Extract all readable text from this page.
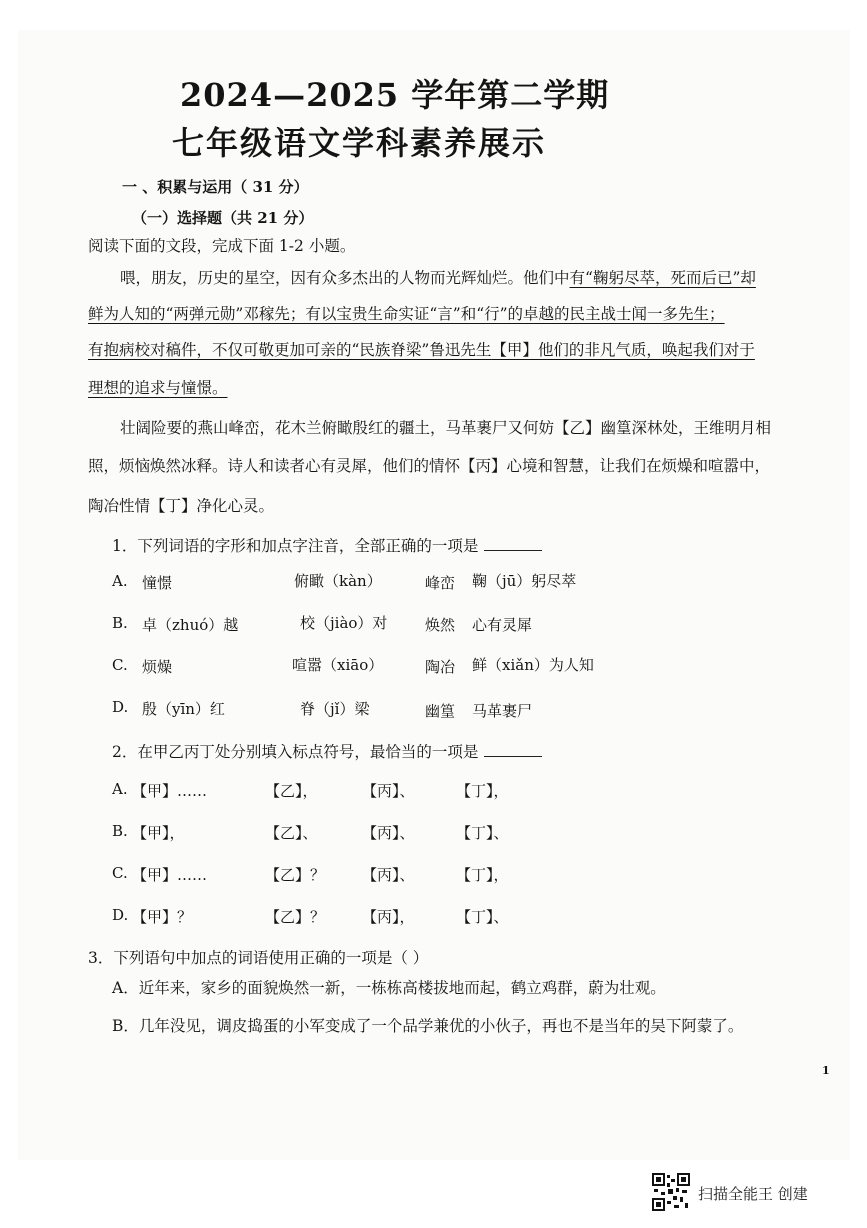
2024—2025 学年第二学期
七年级语文学科素养展示
一 、积累与运用（ 31 分）
（一）选择题（共 21 分）
阅读下面的文段，完成下面 1-2 小题。
喂，朋友，历史的星空，因有众多杰出的人物而光辉灿烂。他们中有“鞠躬尽萃，死而后已”却
鲜为人知的“两弹元勋”邓稼先；有以宝贵生命实证“言”和“行”的卓越的民主战士闻一多先生；
有抱病校对稿件，不仅可敬更加可亲的“民族脊梁”鲁迅先生【甲】他们的非凡气质，唤起我们对于
理想的追求与憧憬。
壮阔险要的燕山峰峦，花木兰俯瞰殷红的疆土，马革裹尸又何妨【乙】幽篁深林处，王维明月相
照，烦恼焕然冰释。诗人和读者心有灵犀，他们的情怀【丙】心境和智慧，让我们在烦燥和喧嚣中，
陶冶性情【丁】净化心灵。
1．下列词语的字形和加点字注音，全部正确的一项是
A. 憧憬	俯瞰（kàn）	峰峦 鞠（jū）躬尽萃
B. 卓（zhuó）越	校（jiào）对	焕然 心有灵犀
C. 烦燥	喧嚣（xiāo）	陶冶 鲜（xiǎn）为人知
D. 殷（yīn）红	脊（jǐ）梁	幽篁 马革裹尸
2．在甲乙丙丁处分别填入标点符号，最恰当的一项是
A. 【甲】……	【乙】，	【丙】、	【丁】，
B. 【甲】，	【乙】、	【丙】、	【丁】、
C. 【甲】……	【乙】？ 【丙】、	【丁】，
D. 【甲】？	【乙】？ 【丙】，	【丁】、
3．下列语句中加点的词语使用正确的一项是（ ）
A．近年来，家乡的面貌焕然一新，一栋栋高楼拔地而起，鹤立鸡群，蔚为壮观。
B．几年没见，调皮捣蛋的小军变成了一个品学兼优的小伙子，再也不是当年的吴下阿蒙了。
1
扫描全能王 创建
